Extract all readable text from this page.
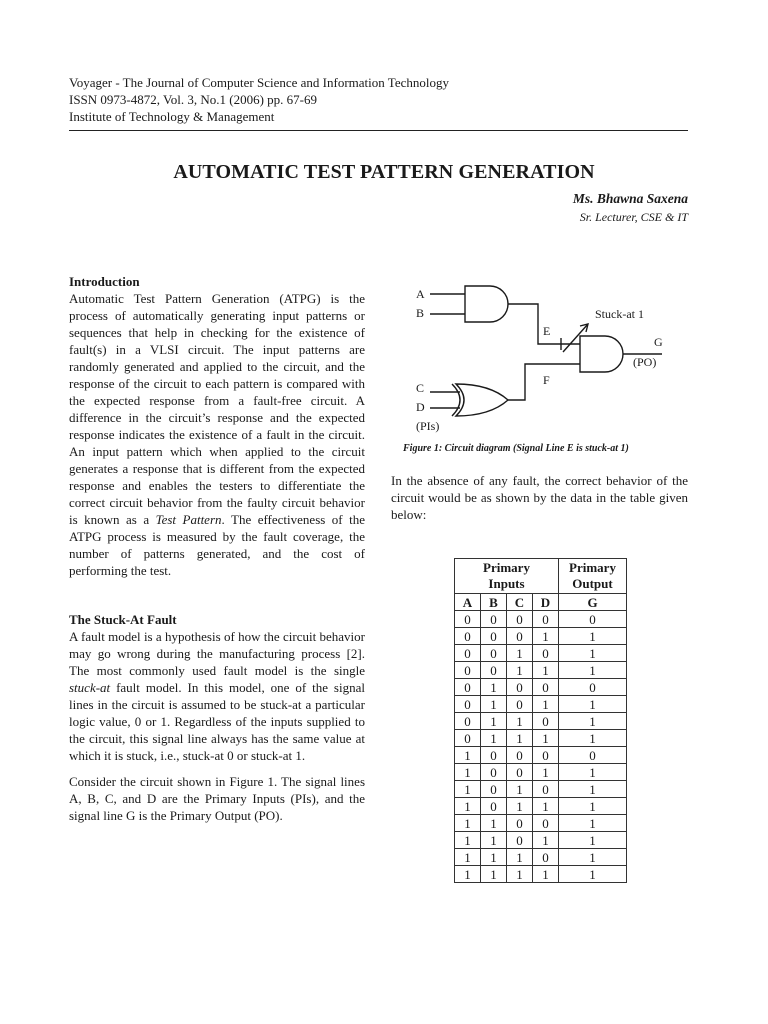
Voyager - The Journal of Computer Science and Information Technology
ISSN 0973-4872, Vol. 3, No.1 (2006) pp. 67-69
Institute of Technology & Management
AUTOMATIC TEST PATTERN GENERATION
Ms. Bhawna Saxena
Sr. Lecturer, CSE & IT
Introduction

Automatic Test Pattern Generation (ATPG) is the process of automatically generating input patterns or sequences that help in checking for the existence of fault(s) in a VLSI circuit. The input patterns are randomly generated and applied to the circuit, and the response of the circuit to each pattern is compared with the expected response from a fault-free circuit. A difference in the circuit’s response and the expected response indicates the existence of a fault in the circuit. An input pattern which when applied to the circuit generates a response that is different from the expected response and enables the testers to differentiate the correct circuit behavior from the faulty circuit behavior is known as a Test Pattern. The effectiveness of the ATPG process is measured by the fault coverage, the number of patterns generated, and the cost of performing the test.

The Stuck-At Fault

A fault model is a hypothesis of how the circuit behavior may go wrong during the manufacturing process [2]. The most commonly used fault model is the single stuck-at fault model. In this model, one of the signal lines in the circuit is assumed to be stuck-at a particular logic value, 0 or 1. Regardless of the inputs supplied to the circuit, this signal line always has the same value at which it is stuck, i.e., stuck-at 0 or stuck-at 1.

Consider the circuit shown in Figure 1. The signal lines A, B, C, and D are the Primary Inputs (PIs), and the signal line G is the Primary Output (PO).

A
B
E
Stuck-at 1
G
(PO)
F
C
D
(PIs)
Figure 1: Circuit diagram (Signal Line E is stuck-at 1)
In the absence of any fault, the correct behavior of the circuit would be as shown by the data in the table given below:
Primary
Inputs				Primary
Output
A	B	C	D	G
0	0	0	0	0
0	0	0	1	1
0	0	1	0	1
0	0	1	1	1
0	1	0	0	0
0	1	0	1	1
0	1	1	0	1
0	1	1	1	1
1	0	0	0	0
1	0	0	1	1
1	0	1	0	1
1	0	1	1	1
1	1	0	0	1
1	1	0	1	1
1	1	1	0	1
1	1	1	1	1
